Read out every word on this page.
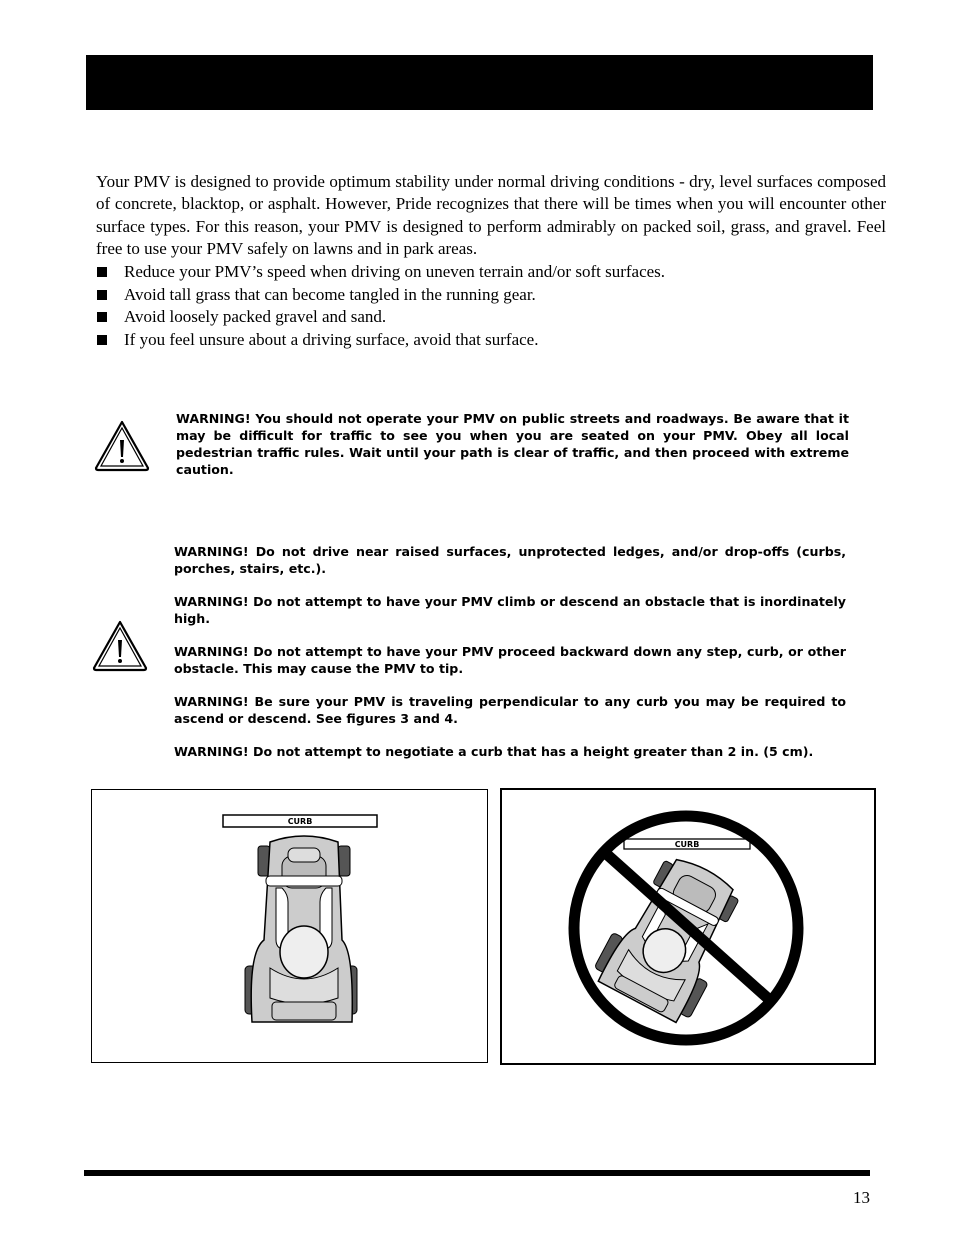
Your PMV is designed to provide optimum stability under normal driving conditions - dry, level surfaces composed of concrete, blacktop, or asphalt. However, Pride recognizes that there will be times when you will encounter other surface types. For this reason, your PMV is designed to perform admirably on packed soil, grass, and gravel. Feel free to use your PMV safely on lawns and in park areas.

Reduce your PMV’s speed when driving on uneven terrain and/or soft surfaces.
Avoid tall grass that can become tangled in the running gear.
Avoid loosely packed gravel and sand.
If you feel unsure about a driving surface, avoid that surface.

WARNING! You should not operate your PMV on public streets and roadways. Be aware that it may be difficult for traffic to see you when you are seated on your PMV. Obey all local pedestrian traffic rules. Wait until your path is clear of traffic, and then proceed with extreme caution.

WARNING! Do not drive near raised surfaces, unprotected ledges, and/or drop-offs (curbs, porches, stairs, etc.).

WARNING! Do not attempt to have your PMV climb or descend an obstacle that is inordinately high.

WARNING! Do not attempt to have your PMV proceed backward down any step, curb, or other obstacle. This may cause the PMV to tip.

WARNING! Be sure your PMV is traveling perpendicular to any curb you may be required to ascend or descend. See figures 3 and 4.

WARNING! Do not attempt to negotiate a curb that has a height greater than 2 in. (5 cm).

CURB
CURB
13
